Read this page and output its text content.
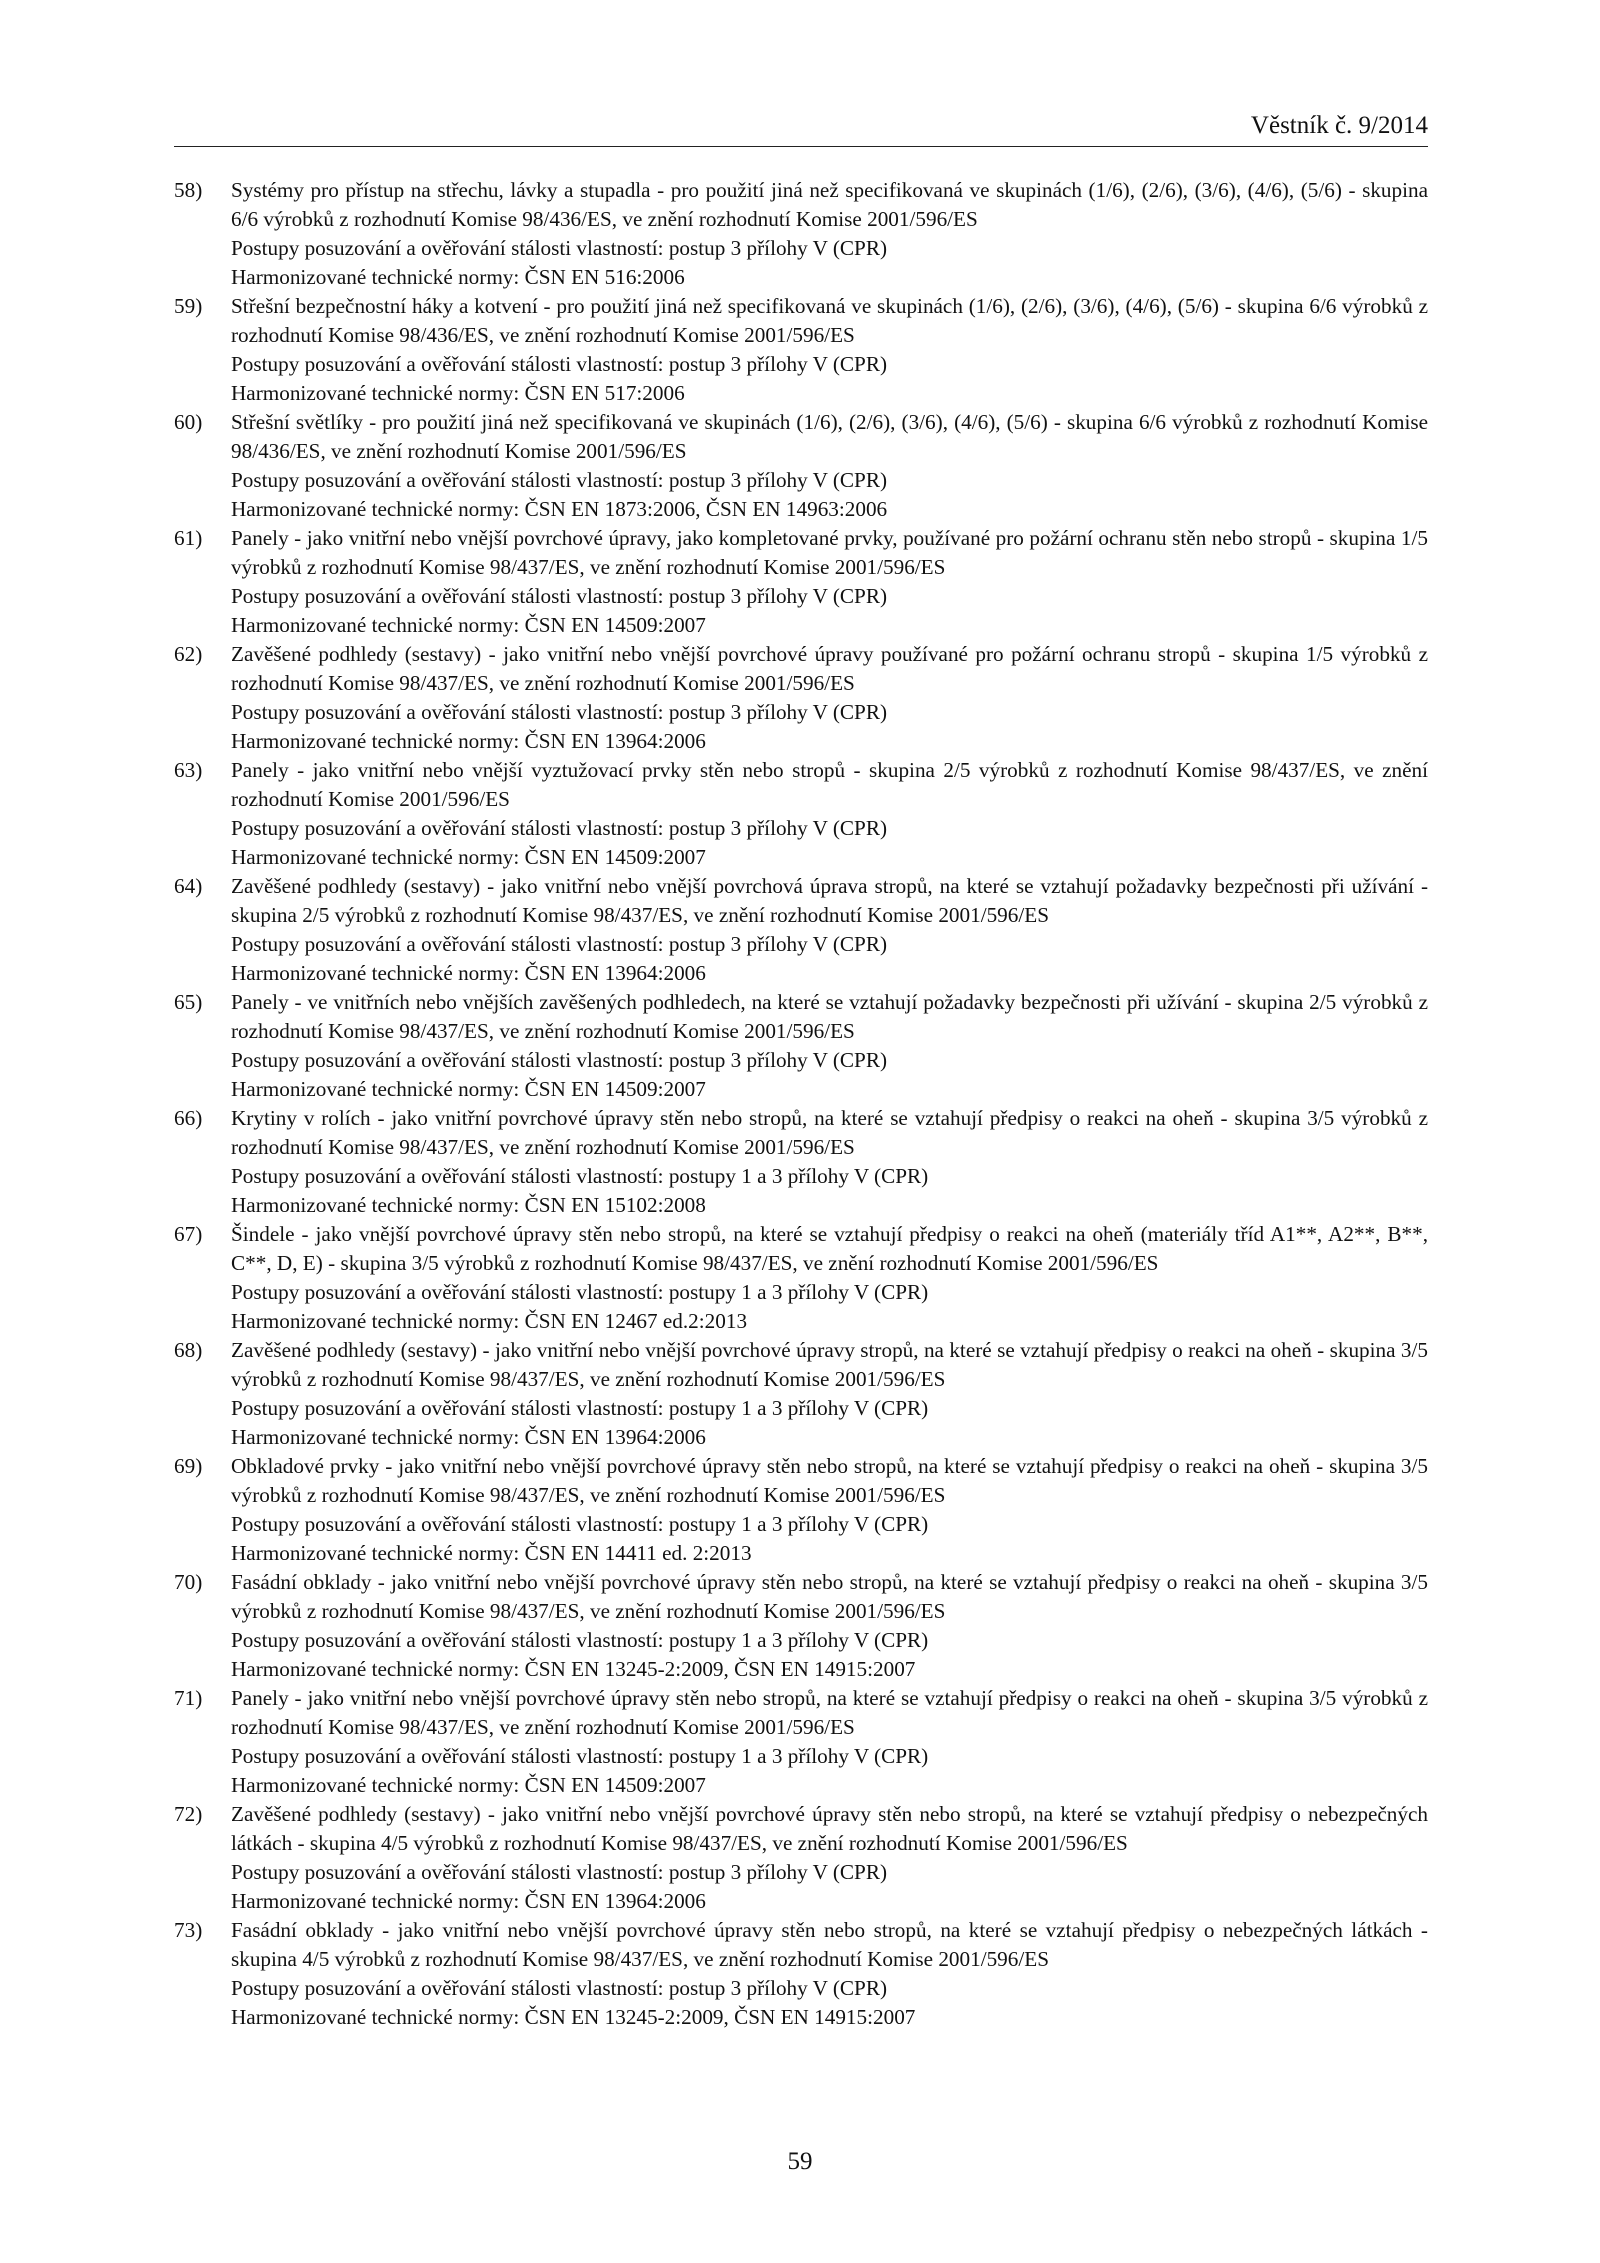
Věstník č. 9/2014
58)	Systémy pro přístup na střechu, lávky a stupadla - pro použití jiná než specifikovaná ve skupinách (1/6), (2/6), (3/6), (4/6), (5/6) - skupina 6/6 výrobků z rozhodnutí Komise 98/436/ES, ve znění rozhodnutí Komise 2001/596/ES
Postupy posuzování a ověřování stálosti vlastností: postup 3 přílohy V (CPR)
Harmonizované technické normy: ČSN EN 516:2006
59)	Střešní bezpečnostní háky a kotvení - pro použití jiná než specifikovaná ve skupinách (1/6), (2/6), (3/6), (4/6), (5/6) - skupina 6/6 výrobků z rozhodnutí Komise 98/436/ES, ve znění rozhodnutí Komise 2001/596/ES
Postupy posuzování a ověřování stálosti vlastností: postup 3 přílohy V (CPR)
Harmonizované technické normy: ČSN EN 517:2006
60)	Střešní světlíky - pro použití jiná než specifikovaná ve skupinách (1/6), (2/6), (3/6), (4/6), (5/6) - skupina 6/6 výrobků z rozhodnutí Komise 98/436/ES, ve znění rozhodnutí Komise 2001/596/ES
Postupy posuzování a ověřování stálosti vlastností: postup 3 přílohy V (CPR)
Harmonizované technické normy: ČSN EN 1873:2006, ČSN EN 14963:2006
61)	Panely - jako vnitřní nebo vnější povrchové úpravy, jako kompletované prvky, používané pro požární ochranu stěn nebo stropů - skupina 1/5 výrobků z rozhodnutí Komise 98/437/ES, ve znění rozhodnutí Komise 2001/596/ES
Postupy posuzování a ověřování stálosti vlastností: postup 3 přílohy V (CPR)
Harmonizované technické normy: ČSN EN 14509:2007
62)	Zavěšené podhledy (sestavy) - jako vnitřní nebo vnější povrchové úpravy používané pro požární ochranu stropů - skupina 1/5 výrobků z rozhodnutí Komise 98/437/ES, ve znění rozhodnutí Komise 2001/596/ES
Postupy posuzování a ověřování stálosti vlastností: postup 3 přílohy V (CPR)
Harmonizované technické normy: ČSN EN 13964:2006
63)	Panely - jako vnitřní nebo vnější vyztužovací prvky stěn nebo stropů - skupina 2/5 výrobků z rozhodnutí Komise 98/437/ES, ve znění rozhodnutí Komise 2001/596/ES
Postupy posuzování a ověřování stálosti vlastností: postup 3 přílohy V (CPR)
Harmonizované technické normy: ČSN EN 14509:2007
64)	Zavěšené podhledy (sestavy) - jako vnitřní nebo vnější povrchová úprava stropů, na které se vztahují požadavky bezpečnosti při užívání - skupina 2/5 výrobků z rozhodnutí Komise 98/437/ES, ve znění rozhodnutí Komise 2001/596/ES
Postupy posuzování a ověřování stálosti vlastností: postup 3 přílohy V (CPR)
Harmonizované technické normy: ČSN EN 13964:2006
65)	Panely - ve vnitřních nebo vnějších zavěšených podhledech, na které se vztahují požadavky bezpečnosti při užívání - skupina 2/5 výrobků z rozhodnutí Komise 98/437/ES, ve znění rozhodnutí Komise 2001/596/ES
Postupy posuzování a ověřování stálosti vlastností: postup 3 přílohy V (CPR)
Harmonizované technické normy: ČSN EN 14509:2007
66)	Krytiny v rolích - jako vnitřní povrchové úpravy stěn nebo stropů, na které se vztahují předpisy o reakci na oheň - skupina 3/5 výrobků z rozhodnutí Komise 98/437/ES, ve znění rozhodnutí Komise 2001/596/ES
Postupy posuzování a ověřování stálosti vlastností: postupy 1 a 3 přílohy V (CPR)
Harmonizované technické normy: ČSN EN 15102:2008
67)	Šindele - jako vnější povrchové úpravy stěn nebo stropů, na které se vztahují předpisy o reakci na oheň (materiály tříd A1**, A2**, B**, C**, D, E) - skupina 3/5 výrobků z rozhodnutí Komise 98/437/ES, ve znění rozhodnutí Komise 2001/596/ES
Postupy posuzování a ověřování stálosti vlastností: postupy 1 a 3 přílohy V (CPR)
Harmonizované technické normy: ČSN EN 12467 ed.2:2013
68)	Zavěšené podhledy (sestavy) - jako vnitřní nebo vnější povrchové úpravy stropů, na které se vztahují předpisy o reakci na oheň - skupina 3/5 výrobků z rozhodnutí Komise 98/437/ES, ve znění rozhodnutí Komise 2001/596/ES
Postupy posuzování a ověřování stálosti vlastností: postupy 1 a 3 přílohy V (CPR)
Harmonizované technické normy: ČSN EN 13964:2006
69)	Obkladové prvky - jako vnitřní nebo vnější povrchové úpravy stěn nebo stropů, na které se vztahují předpisy o reakci na oheň - skupina 3/5 výrobků z rozhodnutí Komise 98/437/ES, ve znění rozhodnutí Komise 2001/596/ES
Postupy posuzování a ověřování stálosti vlastností: postupy 1 a 3 přílohy V (CPR)
Harmonizované technické normy: ČSN EN 14411 ed. 2:2013
70)	Fasádní obklady - jako vnitřní nebo vnější povrchové úpravy stěn nebo stropů, na které se vztahují předpisy o reakci na oheň - skupina 3/5 výrobků z rozhodnutí Komise 98/437/ES, ve znění rozhodnutí Komise 2001/596/ES
Postupy posuzování a ověřování stálosti vlastností: postupy 1 a 3 přílohy V (CPR)
Harmonizované technické normy: ČSN EN 13245-2:2009, ČSN EN 14915:2007
71)	Panely - jako vnitřní nebo vnější povrchové úpravy stěn nebo stropů, na které se vztahují předpisy o reakci na oheň - skupina 3/5 výrobků z rozhodnutí Komise 98/437/ES, ve znění rozhodnutí Komise 2001/596/ES
Postupy posuzování a ověřování stálosti vlastností: postupy 1 a 3 přílohy V (CPR)
Harmonizované technické normy: ČSN EN 14509:2007
72)	Zavěšené podhledy (sestavy) - jako vnitřní nebo vnější povrchové úpravy stěn nebo stropů, na které se vztahují předpisy o nebezpečných látkách - skupina 4/5 výrobků z rozhodnutí Komise 98/437/ES, ve znění rozhodnutí Komise 2001/596/ES
Postupy posuzování a ověřování stálosti vlastností: postup 3 přílohy V (CPR)
Harmonizované technické normy: ČSN EN 13964:2006
73)	Fasádní obklady - jako vnitřní nebo vnější povrchové úpravy stěn nebo stropů, na které se vztahují předpisy o nebezpečných látkách - skupina 4/5 výrobků z rozhodnutí Komise 98/437/ES, ve znění rozhodnutí Komise 2001/596/ES
Postupy posuzování a ověřování stálosti vlastností: postup 3 přílohy V (CPR)
Harmonizované technické normy: ČSN EN 13245-2:2009, ČSN EN 14915:2007
59
